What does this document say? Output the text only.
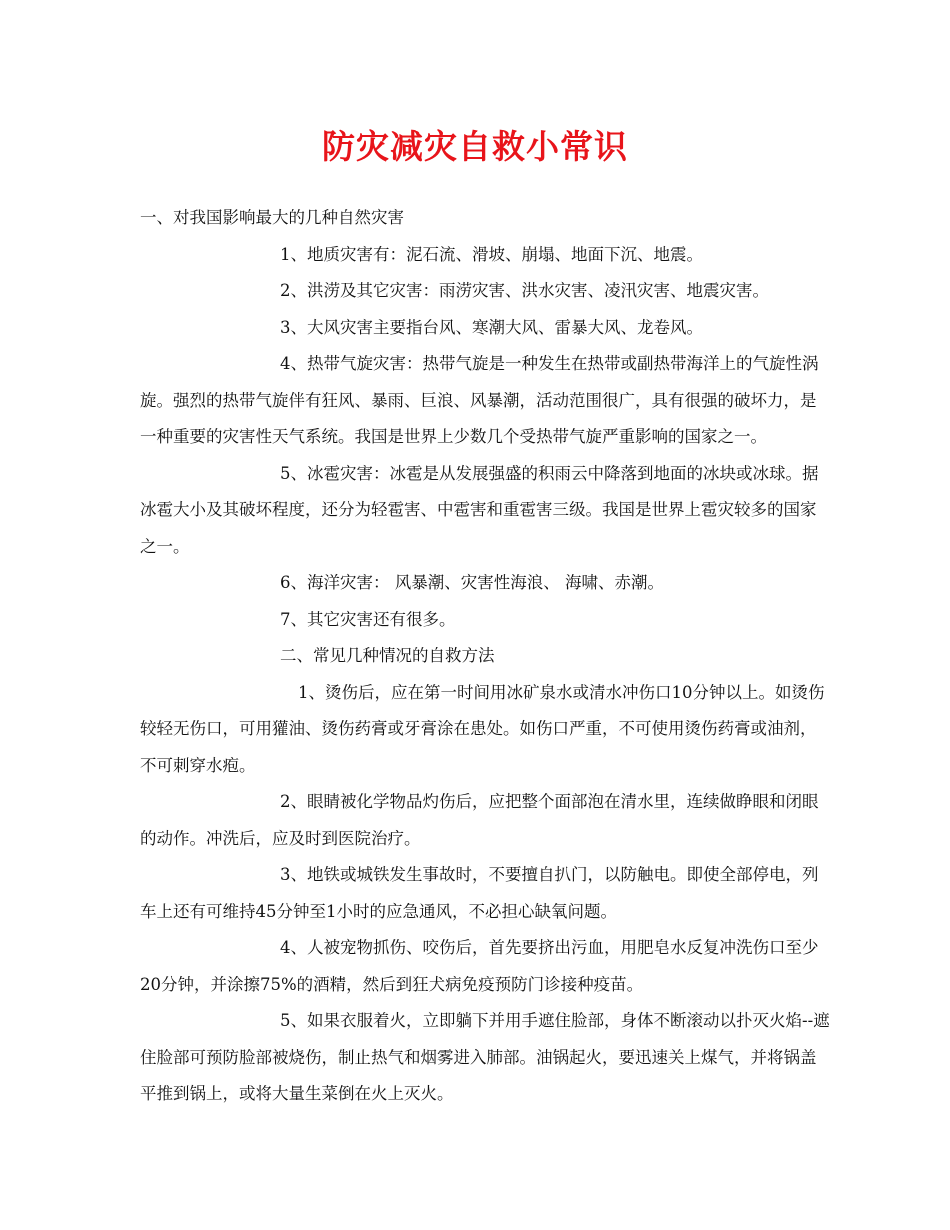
防灾减灾自救小常识

一、对我国影响最大的几种自然灾害

1、地质灾害有：泥石流、滑坡、崩塌、地面下沉、地震。

2、洪涝及其它灾害：雨涝灾害、洪水灾害、凌汛灾害、地震灾害。

3、大风灾害主要指台风、寒潮大风、雷暴大风、龙卷风。

4、热带气旋灾害：热带气旋是一种发生在热带或副热带海洋上的气旋性涡旋。强烈的热带气旋伴有狂风、暴雨、巨浪、风暴潮，活动范围很广，具有很强的破坏力，是一种重要的灾害性天气系统。我国是世界上少数几个受热带气旋严重影响的国家之一。

5、冰雹灾害：冰雹是从发展强盛的积雨云中降落到地面的冰块或冰球。据冰雹大小及其破坏程度，还分为轻雹害、中雹害和重雹害三级。我国是世界上雹灾较多的国家之一。

6、海洋灾害： 风暴潮、灾害性海浪、 海啸、赤潮。

7、其它灾害还有很多。

二、常见几种情况的自救方法

1、烫伤后，应在第一时间用冰矿泉水或清水冲伤口10分钟以上。如烫伤较轻无伤口，可用獾油、烫伤药膏或牙膏涂在患处。如伤口严重，不可使用烫伤药膏或油剂，不可刺穿水疱。

2、眼睛被化学物品灼伤后，应把整个面部泡在清水里，连续做睁眼和闭眼的动作。冲洗后，应及时到医院治疗。

3、地铁或城铁发生事故时，不要擅自扒门，以防触电。即使全部停电，列车上还有可维持45分钟至1小时的应急通风，不必担心缺氧问题。

4、人被宠物抓伤、咬伤后，首先要挤出污血，用肥皂水反复冲洗伤口至少20分钟，并涂擦75%的酒精，然后到狂犬病免疫预防门诊接种疫苗。

5、如果衣服着火，立即躺下并用手遮住脸部，身体不断滚动以扑灭火焰--遮住脸部可预防脸部被烧伤，制止热气和烟雾进入肺部。油锅起火，要迅速关上煤气，并将锅盖平推到锅上，或将大量生菜倒在火上灭火。
